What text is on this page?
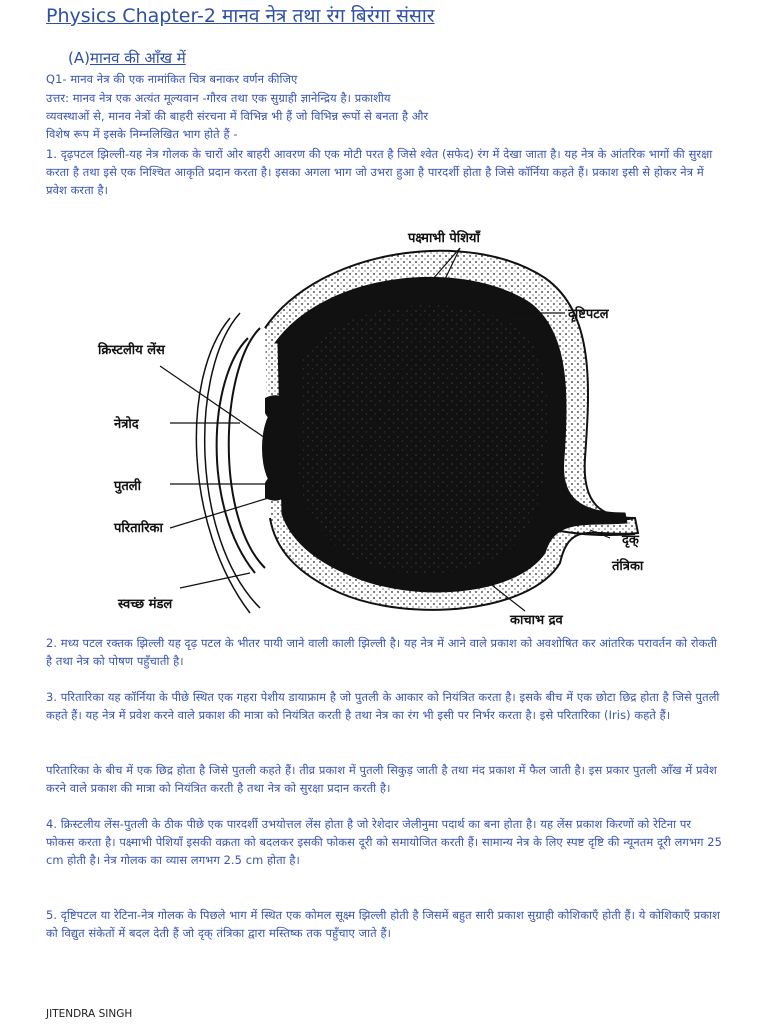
Physics Chapter-2 मानव नेत्र तथा रंग बिरंगा संसार
(A)मानव की आँख में
Q1- मानव नेत्र की एक नामांकित चित्र बनाकर वर्णन कीजिए
उत्तर: मानव नेत्र एक अत्यंत मूल्यवान -गौरव तथा एक सुग्राही ज्ञानेन्द्रिय है। प्रकाशीय
व्यवस्थाओं से, मानव नेत्रों की बाहरी संरचना में विभिन्न भी हैं जो विभिन्न रूपों से बनता है और
विशेष रूप में इसके निम्नलिखित भाग होते हैं -
1. दृढ़पटल झिल्ली-यह नेत्र गोलक के चारों ओर बाहरी आवरण की एक मोटी परत है जिसे श्वेत (सफेद) रंग में देखा जाता है। यह नेत्र के आंतरिक भागों की सुरक्षा करता है तथा इसे एक निश्चित आकृति प्रदान करता है। इसका अगला भाग जो उभरा हुआ है पारदर्शी होता है जिसे कॉर्निया कहते हैं। प्रकाश इसी से होकर नेत्र में प्रवेश करता है।
पक्ष्माभी पेशियाँ
दृष्टिपटल
क्रिस्टलीय लेंस
नेत्रोद
पुतली
परितारिका
दृक्
तंत्रिका
स्वच्छ मंडल
काचाभ द्रव
2. मध्य पटल रक्तक झिल्ली यह दृढ़ पटल के भीतर पायी जाने वाली काली झिल्ली है। यह नेत्र में आने वाले प्रकाश को अवशोषित कर आंतरिक परावर्तन को रोकती है तथा नेत्र को पोषण पहुँचाती है।
3. परितारिका यह कॉर्निया के पीछे स्थित एक गहरा पेशीय डायाफ्राम है जो पुतली के आकार को नियंत्रित करता है। इसके बीच में एक छोटा छिद्र होता है जिसे पुतली कहते हैं। यह नेत्र में प्रवेश करने वाले प्रकाश की मात्रा को नियंत्रित करती है तथा नेत्र का रंग भी इसी पर निर्भर करता है। इसे परितारिका (Iris) कहते हैं।
परितारिका के बीच में एक छिद्र होता है जिसे पुतली कहते हैं। तीव्र प्रकाश में पुतली सिकुड़ जाती है तथा मंद प्रकाश में फैल जाती है। इस प्रकार पुतली आँख में प्रवेश करने वाले प्रकाश की मात्रा को नियंत्रित करती है तथा नेत्र को सुरक्षा प्रदान करती है।
4. क्रिस्टलीय लेंस-पुतली के ठीक पीछे एक पारदर्शी उभयोत्तल लेंस होता है जो रेशेदार जेलीनुमा पदार्थ का बना होता है। यह लेंस प्रकाश किरणों को रेटिना पर फोकस करता है। पक्ष्माभी पेशियाँ इसकी वक्रता को बदलकर इसकी फोकस दूरी को समायोजित करती हैं। सामान्य नेत्र के लिए स्पष्ट दृष्टि की न्यूनतम दूरी लगभग 25 cm होती है। नेत्र गोलक का व्यास लगभग 2.5 cm होता है।
5. दृष्टिपटल या रेटिना-नेत्र गोलक के पिछले भाग में स्थित एक कोमल सूक्ष्म झिल्ली होती है जिसमें बहुत सारी प्रकाश सुग्राही कोशिकाएँ होती हैं। ये कोशिकाएँ प्रकाश को विद्युत संकेतों में बदल देती हैं जो दृक् तंत्रिका द्वारा मस्तिष्क तक पहुँचाए जाते हैं।
JITENDRA SINGH
